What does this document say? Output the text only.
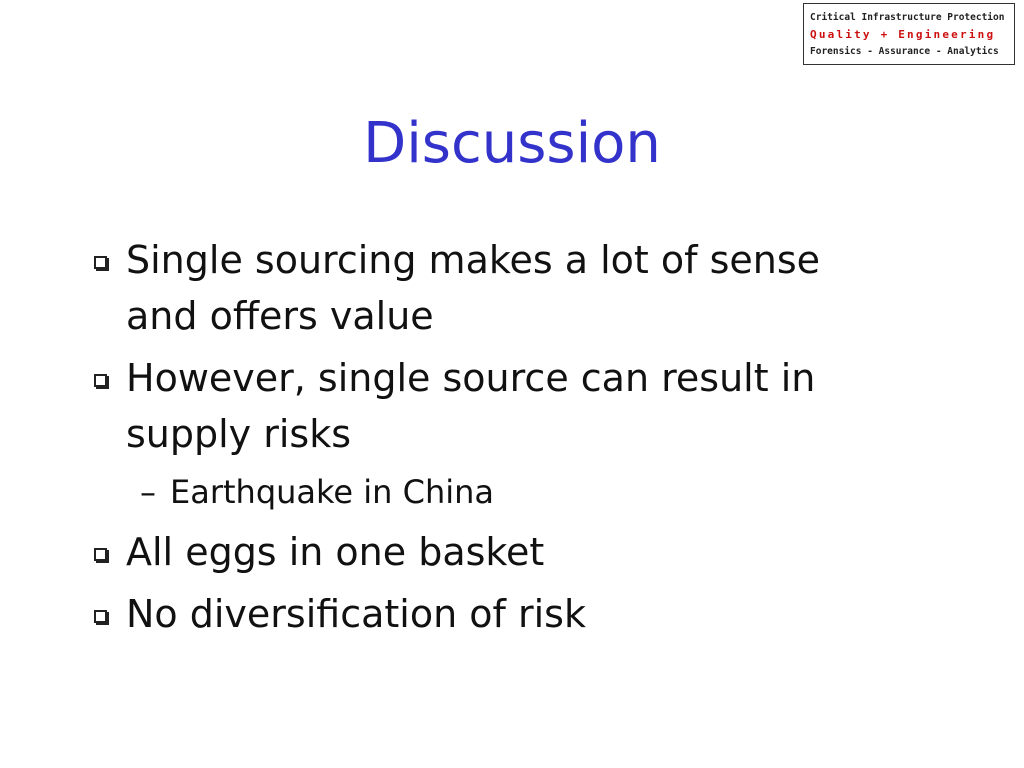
Critical Infrastructure Protection
Quality + Engineering
Forensics - Assurance - Analytics
Discussion
Single sourcing makes a lot of sense and offers value
However, single source can result in supply risks
– Earthquake in China
All eggs in one basket
No diversification of risk
